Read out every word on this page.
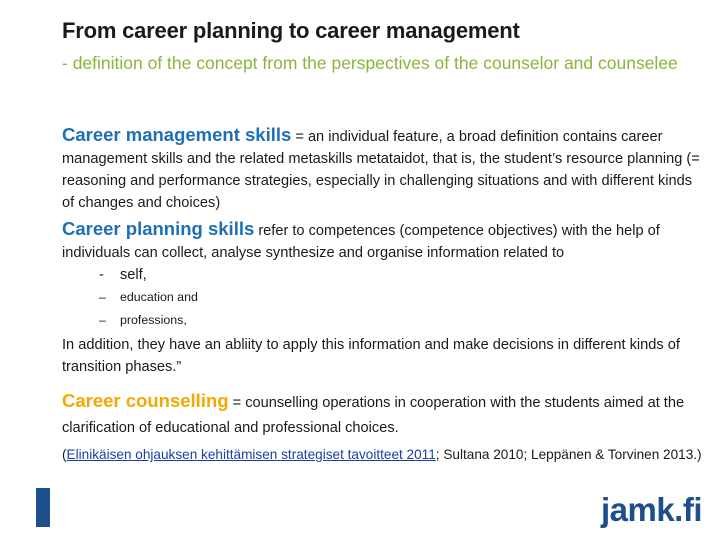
From career planning to career management
- definition of the concept from the perspectives of the counselor and counselee

Career management skills = an individual feature, a broad definition contains career management skills and the related metaskills metataidot, that is, the student’s resource planning (= reasoning and performance strategies, especially in challenging situations and with different kinds of changes and choices)

Career planning skills refer to competences (competence objectives) with the help of individuals can collect, analyse synthesize and organise information related to

- self,
– education and
– professions,

In addition, they have an abliity to apply this information and make decisions in different kinds of transition phases.”

Career counselling = counselling operations in cooperation with the students aimed at the clarification of educational and professional choices.

(Elinikäisen ohjauksen kehittämisen strategiset tavoitteet 2011; Sultana 2010; Leppänen & Torvinen 2013.)

jamk.fi
